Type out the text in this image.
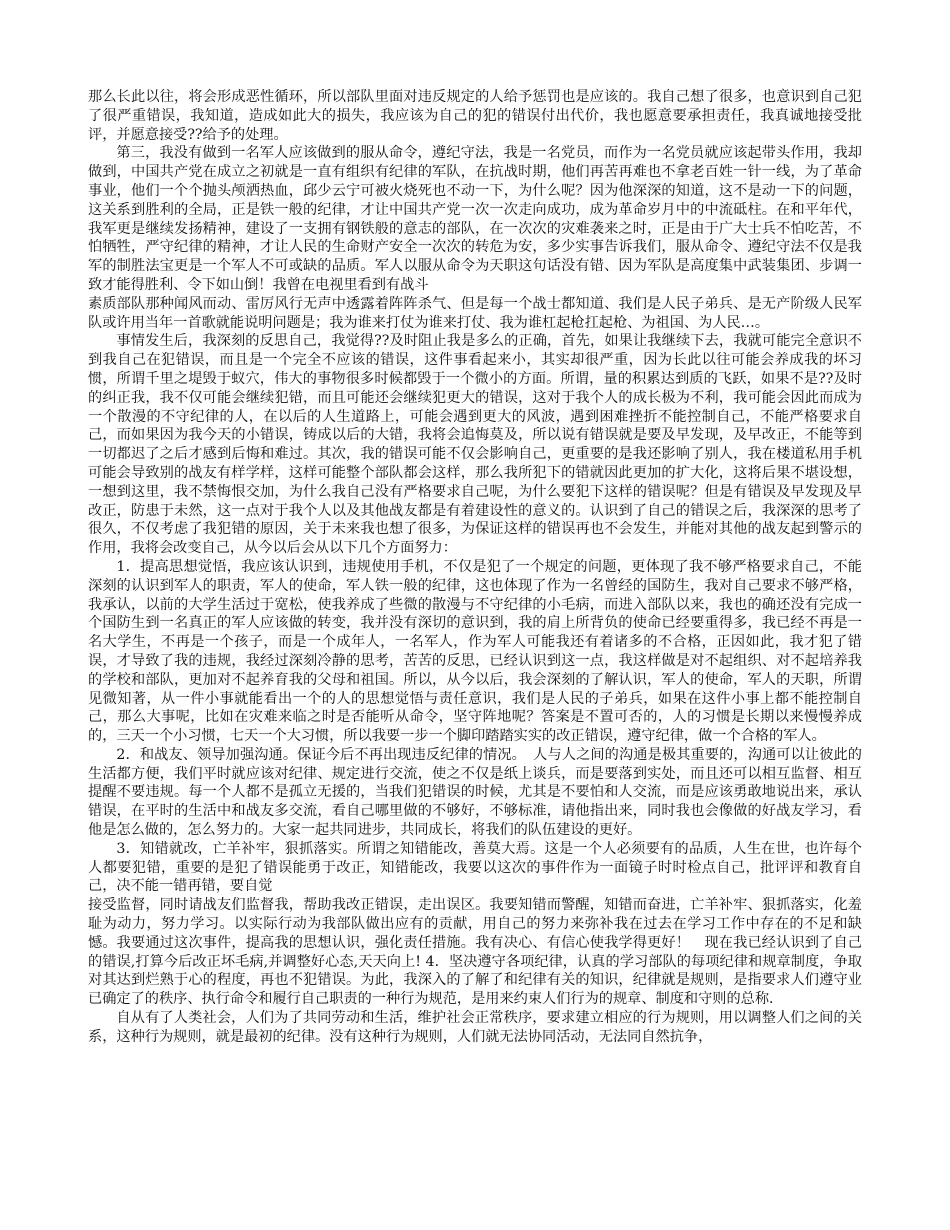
那么长此以往，将会形成恶性循环，所以部队里面对违反规定的人给予惩罚也是应该的。我自己想了很多，也意识到自己犯了很严重错误，我知道，造成如此大的损失，我应该为自己的犯的错误付出代价，我也愿意要承担责任，我真诚地接受批评，并愿意接受??给予的处理。

第三，我没有做到一名军人应该做到的服从命令，遵纪守法，我是一名党员，而作为一名党员就应该起带头作用，我却做到，中国共产党在成立之初就是一直有组织有纪律的军队，在抗战时期，他们再苦再难也不拿老百姓一针一线，为了革命事业，他们一个个抛头颅洒热血，邱少云宁可被火烧死也不动一下，为什么呢？因为他深深的知道，这不是动一下的问题，这关系到胜利的全局，正是铁一般的纪律，才让中国共产党一次一次走向成功，成为革命岁月中的中流砥柱。在和平年代，我军更是继续发扬精神，建设了一支拥有钢铁般的意志的部队，在一次次的灾难袭来之时，正是由于广大士兵不怕吃苦，不怕牺牲，严守纪律的精神，才让人民的生命财产安全一次次的转危为安，多少实事告诉我们，服从命令、遵纪守法不仅是我军的制胜法宝更是一个军人不可或缺的品质。军人以服从命令为天职这句话没有错、因为军队是高度集中武装集团、步调一致才能得胜利、令下如山倒！我曾在电视里看到有战斗

素质部队那种闻风而动、雷厉风行无声中透露着阵阵杀气、但是每一个战士都知道、我们是人民子弟兵、是无产阶级人民军队或许用当年一首歌就能说明问题是；我为谁来打仗为谁来打仗、我为谁杠起枪扛起枪、为祖国、为人民…。

事情发生后，我深刻的反思自己，我觉得??及时阻止我是多么的正确，首先，如果让我继续下去，我就可能完全意识不到我自己在犯错误，而且是一个完全不应该的错误，这件事看起来小，其实却很严重，因为长此以往可能会养成我的坏习惯，所谓千里之堤毁于蚁穴，伟大的事物很多时候都毁于一个微小的方面。所谓，量的积累达到质的飞跃，如果不是??及时的纠正我，我不仅可能会继续犯错，而且可能还会继续犯更大的错误，这对于我个人的成长极为不利，我可能会因此而成为一个散漫的不守纪律的人，在以后的人生道路上，可能会遇到更大的风波，遇到困难挫折不能控制自己，不能严格要求自己，而如果因为我今天的小错误，铸成以后的大错，我将会追悔莫及，所以说有错误就是要及早发现，及早改正，不能等到一切都迟了之后才感到后悔和难过。其次，我的错误可能不仅会影响自己，更重要的是我还影响了别人，我在楼道私用手机可能会导致别的战友有样学样，这样可能整个部队都会这样，那么我所犯下的错就因此更加的扩大化，这将后果不堪设想，一想到这里，我不禁悔恨交加，为什么我自己没有严格要求自己呢，为什么要犯下这样的错误呢？但是有错误及早发现及早改正，防患于未然，这一点对于我个人以及其他战友都是有着建设性的意义的。认识到了自己的错误之后，我深深的思考了很久，不仅考虑了我犯错的原因，关于未来我也想了很多，为保证这样的错误再也不会发生，并能对其他的战友起到警示的作用，我将会改变自己，从今以后会从以下几个方面努力：

1．提高思想觉悟，我应该认识到，违规使用手机，不仅是犯了一个规定的问题，更体现了我不够严格要求自己，不能深刻的认识到军人的职责，军人的使命，军人铁一般的纪律，这也体现了作为一名曾经的国防生，我对自己要求不够严格，我承认，以前的大学生活过于宽松，使我养成了些微的散漫与不守纪律的小毛病，而进入部队以来，我也的确还没有完成一个国防生到一名真正的军人应该做的转变，我并没有深切的意识到，我的肩上所背负的使命已经要重得多，我已经不再是一名大学生，不再是一个孩子，而是一个成年人，一名军人，作为军人可能我还有着诸多的不合格，正因如此，我才犯了错误，才导致了我的违规，我经过深刻冷静的思考，苦苦的反思，已经认识到这一点，我这样做是对不起组织、对不起培养我的学校和部队，更加对不起养育我的父母和祖国。所以，从今以后，我会深刻的了解认识，军人的使命，军人的天职，所谓见微知著，从一件小事就能看出一个的人的思想觉悟与责任意识，我们是人民的子弟兵，如果在这件小事上都不能控制自己，那么大事呢，比如在灾难来临之时是否能听从命令，坚守阵地呢？答案是不置可否的，人的习惯是长期以来慢慢养成的，三天一个小习惯，七天一个大习惯，所以我要一步一个脚印踏踏实实的改正错误，遵守纪律，做一个合格的军人。

2．和战友、领导加强沟通。保证今后不再出现违反纪律的情况。　人与人之间的沟通是极其重要的，沟通可以让彼此的生活都方便，我们平时就应该对纪律、规定进行交流，使之不仅是纸上谈兵，而是要落到实处，而且还可以相互监督、相互提醒不要违规。每一个人都不是孤立无援的，当我们犯错误的时候，尤其是不要怕和人交流，而是应该勇敢地说出来，承认错误，在平时的生活中和战友多交流，看自己哪里做的不够好，不够标准，请他指出来，同时我也会像做的好战友学习，看他是怎么做的，怎么努力的。大家一起共同进步，共同成长，将我们的队伍建设的更好。

3．知错就改，亡羊补牢，狠抓落实。所谓之知错能改，善莫大焉。这是一个人必须要有的品质，人生在世，也许每个人都要犯错，重要的是犯了错误能勇于改正，知错能改，我要以这次的事件作为一面镜子时时检点自己，批评评和教育自己，决不能一错再错，要自觉

接受监督，同时请战友们监督我，帮助我改正错误，走出误区。我要知错而警醒，知错而奋进，亡羊补牢、狠抓落实，化羞耻为动力，努力学习。以实际行动为我部队做出应有的贡献，用自己的努力来弥补我在过去在学习工作中存在的不足和缺憾。我要通过这次事件，提高我的思想认识，强化责任措施。我有决心、有信心使我学得更好！　现在我已经认识到了自己的错误,打算今后改正坏毛病,并调整好心态,天天向上! 4．坚决遵守各项纪律，认真的学习部队的每项纪律和规章制度，争取对其达到烂熟于心的程度，再也不犯错误。为此，我深入的了解了和纪律有关的知识，纪律就是规则，是指要求人们遵守业已确定了的秩序、执行命令和履行自己职责的一种行为规范，是用来约束人们行为的规章、制度和守则的总称．

自从有了人类社会，人们为了共同劳动和生活，维护社会正常秩序，要求建立相应的行为规则，用以调整人们之间的关系，这种行为规则，就是最初的纪律。没有这种行为规则，人们就无法协同活动，无法同自然抗争，
